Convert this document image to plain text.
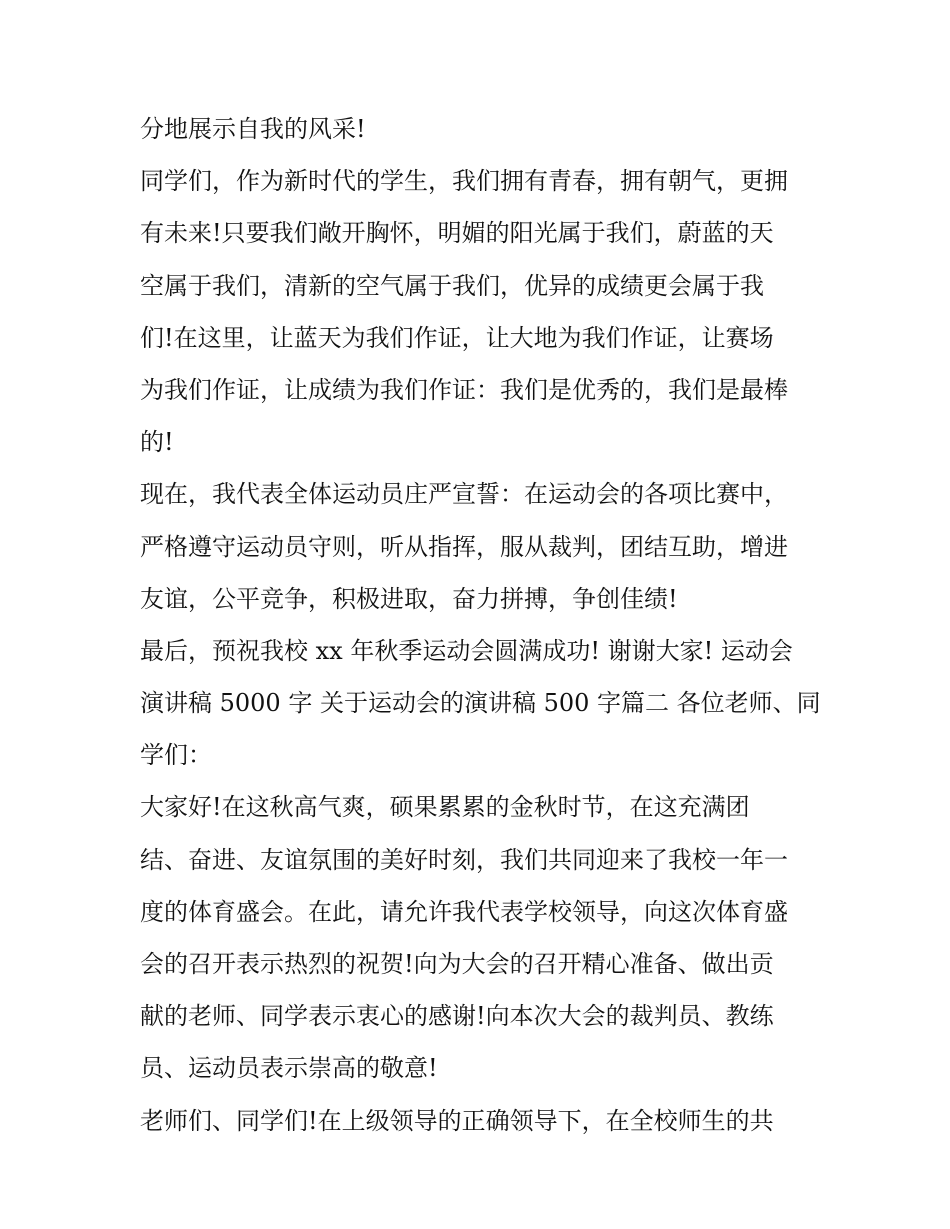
分地展示自我的风采!
同学们，作为新时代的学生，我们拥有青春，拥有朝气，更拥
有未来!只要我们敞开胸怀，明媚的阳光属于我们，蔚蓝的天
空属于我们，清新的空气属于我们，优异的成绩更会属于我
们!在这里，让蓝天为我们作证，让大地为我们作证，让赛场
为我们作证，让成绩为我们作证：我们是优秀的，我们是最棒
的!
现在，我代表全体运动员庄严宣誓：在运动会的各项比赛中，
严格遵守运动员守则，听从指挥，服从裁判，团结互助，增进
友谊，公平竞争，积极进取，奋力拼搏，争创佳绩!
最后，预祝我校 xx 年秋季运动会圆满成功! 谢谢大家! 运动会
演讲稿 5000 字 关于运动会的演讲稿 500 字篇二 各位老师、同
学们：
大家好!在这秋高气爽，硕果累累的金秋时节，在这充满团
结、奋进、友谊氛围的美好时刻，我们共同迎来了我校一年一
度的体育盛会。在此，请允许我代表学校领导，向这次体育盛
会的召开表示热烈的祝贺!向为大会的召开精心准备、做出贡
献的老师、同学表示衷心的感谢!向本次大会的裁判员、教练
员、运动员表示崇高的敬意!
老师们、同学们!在上级领导的正确领导下，在全校师生的共
